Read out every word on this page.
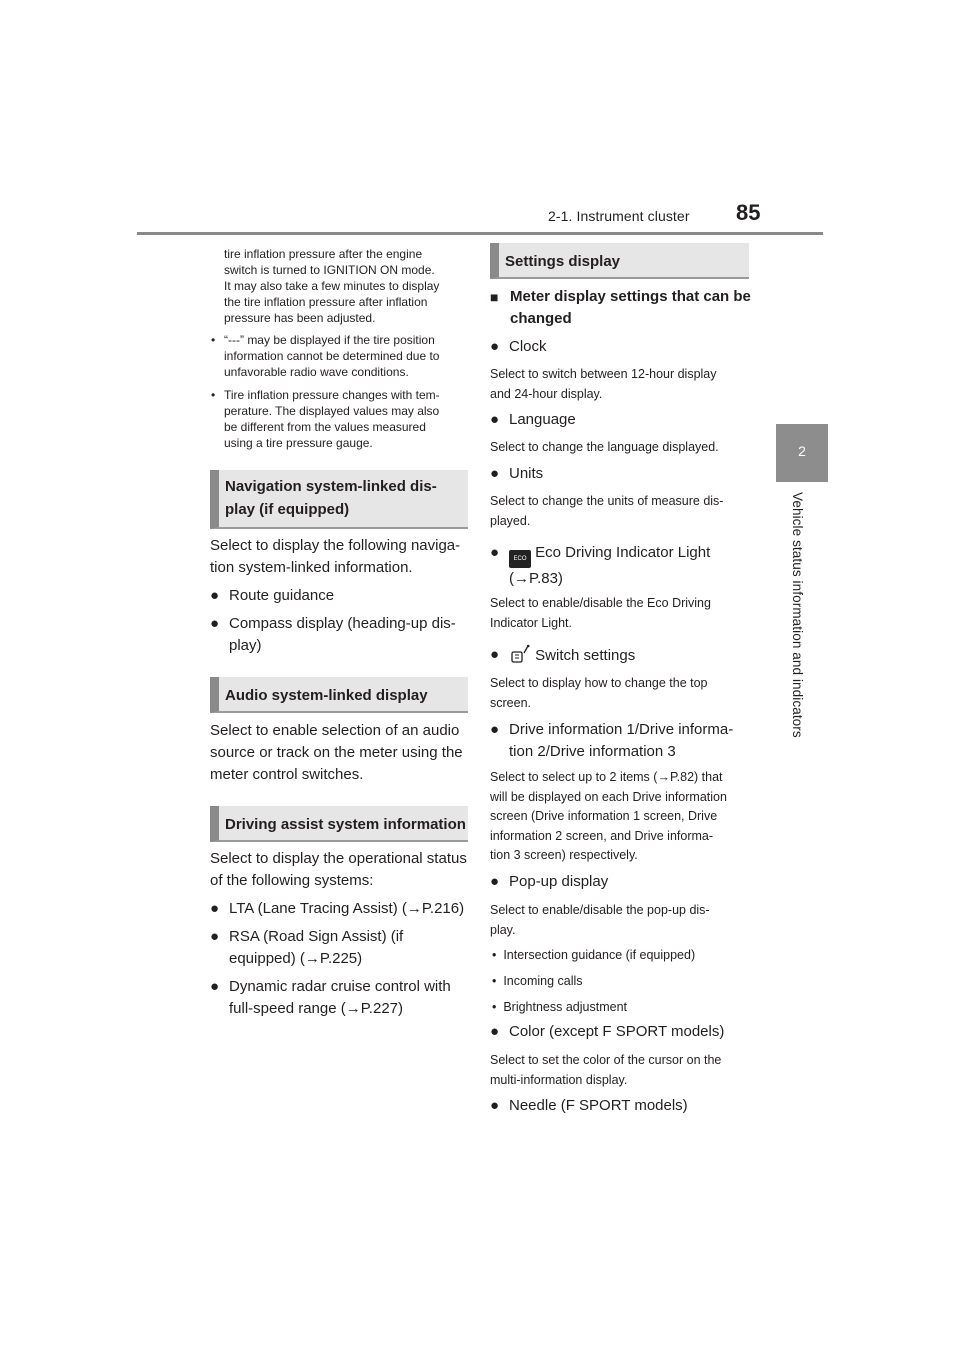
2-1. Instrument cluster 85
2
Vehicle status information and indicators
tire inflation pressure after the engine
switch is turned to IGNITION ON mode.
It may also take a few minutes to display
the tire inflation pressure after inflation
pressure has been adjusted.
• “---” may be displayed if the tire position
information cannot be determined due to
unfavorable radio wave conditions.
• Tire inflation pressure changes with tem-
perature. The displayed values may also
be different from the values measured
using a tire pressure gauge.
Navigation system-linked dis-
play (if equipped)
Select to display the following naviga-
tion system-linked information.
● Route guidance
● Compass display (heading-up dis-
play)
Audio system-linked display
Select to enable selection of an audio
source or track on the meter using the
meter control switches.
Driving assist system information
Select to display the operational status
of the following systems:
● LTA (Lane Tracing Assist) (→P.216)
● RSA (Road Sign Assist) (if
equipped) (→P.225)
● Dynamic radar cruise control with
full-speed range (→P.227)
Settings display
■ Meter display settings that can be
changed
● Clock
Select to switch between 12-hour display
and 24-hour display.
● Language
Select to change the language displayed.
● Units
Select to change the units of measure dis-
played.
●	ECO Eco Driving Indicator Light
(→P.83)
Select to enable/disable the Eco Driving
Indicator Light.
●	Switch settings
Select to display how to change the top
screen.
● Drive information 1/Drive informa-
tion 2/Drive information 3
Select to select up to 2 items (→P.82) that
will be displayed on each Drive information
screen (Drive information 1 screen, Drive
information 2 screen, and Drive informa-
tion 3 screen) respectively.
● Pop-up display
Select to enable/disable the pop-up dis-
play.
•  Intersection guidance (if equipped)
•  Incoming calls
•  Brightness adjustment
● Color (except F SPORT models)
Select to set the color of the cursor on the
multi-information display.
● Needle (F SPORT models)
